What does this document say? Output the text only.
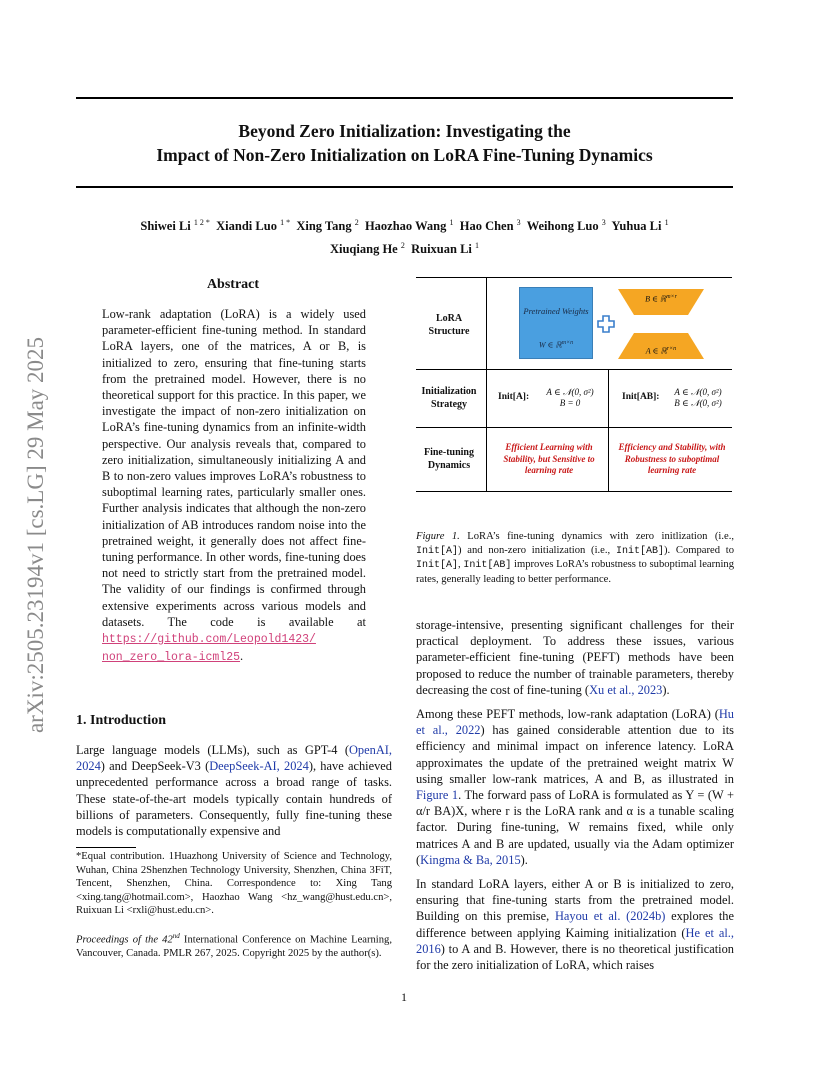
arXiv:2505.23194v1 [cs.LG] 29 May 2025
Beyond Zero Initialization: Investigating the
Impact of Non-Zero Initialization on LoRA Fine-Tuning Dynamics
Shiwei Li $^{1 2 *}$ Xiandi Luo $^{1 *}$ Xing Tang $^2$ Haozhao Wang $^1$ Hao Chen $^3$ Weihong Luo $^3$ Yuhua Li $^1$
Xiuqiang He $^2$ Ruixuan Li $^1$
Abstract
Low-rank adaptation (LoRA) is a widely used parameter-efficient fine-tuning method. In standard LoRA layers, one of the matrices, A or B, is initialized to zero, ensuring that fine-tuning starts from the pretrained model. However, there is no theoretical support for this practice. In this paper, we investigate the impact of non-zero initialization on LoRA’s fine-tuning dynamics from an infinite-width perspective. Our analysis reveals that, compared to zero initialization, simultaneously initializing A and B to non-zero values improves LoRA’s robustness to suboptimal learning rates, particularly smaller ones. Further analysis indicates that although the non-zero initialization of AB introduces random noise into the pretrained weight, it generally does not affect fine-tuning performance. In other words, fine-tuning does not need to strictly start from the pretrained model. The validity of our findings is confirmed through extensive experiments across various models and datasets. The code is available at https://github.com/Leopold1423/
non_zero_lora-icml25.
1. Introduction
Large language models (LLMs), such as GPT-4 (OpenAI, 2024) and DeepSeek-V3 (DeepSeek-AI, 2024), have achieved unprecedented performance across a broad range of tasks. These state-of-the-art models typically contain hundreds of billions of parameters. Consequently, fully fine-tuning these models is computationally expensive and
*Equal contribution. 1Huazhong University of Science and Technology, Wuhan, China 2Shenzhen Technology University, Shenzhen, China 3FiT, Tencent, Shenzhen, China. Correspondence to: Xing Tang <xing.tang@hotmail.com>, Haozhao Wang <hz_wang@hust.edu.cn>, Ruixuan Li <rxli@hust.edu.cn>.
Proceedings of the 42nd International Conference on Machine Learning, Vancouver, Canada. PMLR 267, 2025. Copyright 2025 by the author(s).
LoRA Structure
Pretrained Weights
W ∈ ℝ$^{m\times n}$
B ∈ ℝ$^{m\times r}$
A ∈ ℝ$^{r\times n}$
Initialization Strategy
Init[A]:	A ∈ 𝒩(0, σ²)
B = 0
Init[AB]:	A ∈ 𝒩(0, σ²)
B ∈ 𝒩(0, σ²)
Fine-tuning Dynamics
Efficient Learning with Stability, but Sensitive to learning rate
Efficiency and Stability, with Robustness to suboptimal learning rate
Figure 1. LoRA’s fine-tuning dynamics with zero initlization (i.e., Init[A]) and non-zero initialization (i.e., Init[AB]). Compared to Init[A], Init[AB] improves LoRA’s robustness to suboptimal learning rates, generally leading to better performance.
storage-intensive, presenting significant challenges for their practical deployment. To address these issues, various parameter-efficient fine-tuning (PEFT) methods have been proposed to reduce the number of trainable parameters, thereby decreasing the cost of fine-tuning (Xu et al., 2023).
Among these PEFT methods, low-rank adaptation (LoRA) (Hu et al., 2022) has gained considerable attention due to its efficiency and minimal impact on inference latency. LoRA approximates the update of the pretrained weight matrix W using smaller low-rank matrices, A and B, as illustrated in Figure 1. The forward pass of LoRA is formulated as Y = (W + α/r BA)X, where r is the LoRA rank and α is a tunable scaling factor. During fine-tuning, W remains fixed, while only matrices A and B are updated, usually via the Adam optimizer (Kingma & Ba, 2015).
In standard LoRA layers, either A or B is initialized to zero, ensuring that fine-tuning starts from the pretrained model. Building on this premise, Hayou et al. (2024b) explores the difference between applying Kaiming initialization (He et al., 2016) to A and B. However, there is no theoretical justification for the zero initialization of LoRA, which raises
1
